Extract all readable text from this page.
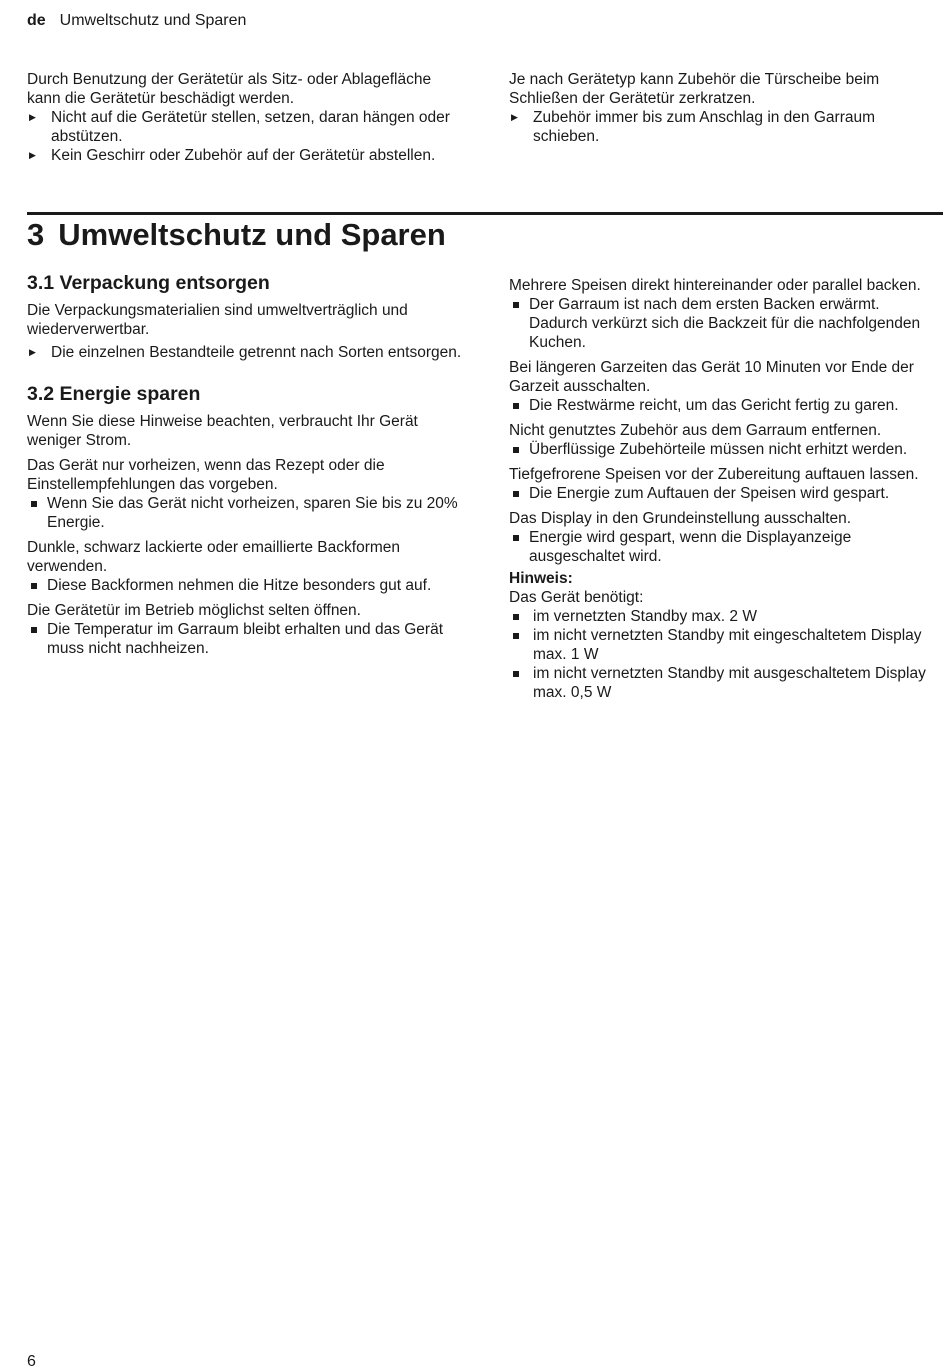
de Umweltschutz und Sparen

Durch Benutzung der Gerätetür als Sitz- oder Ablagefläche kann die Gerätetür beschädigt werden.

▶ Nicht auf die Gerätetür stellen, setzen, daran hängen oder abstützen.
▶ Kein Geschirr oder Zubehör auf der Gerätetür abstellen.

Je nach Gerätetyp kann Zubehör die Türscheibe beim Schließen der Gerätetür zerkratzen.

▶ Zubehör immer bis zum Anschlag in den Garraum schieben.
3 Umweltschutz und Sparen
3.1 Verpackung entsorgen

Die Verpackungsmaterialien sind umweltverträglich und wiederverwertbar.

▶ Die einzelnen Bestandteile getrennt nach Sorten entsorgen.
3.2 Energie sparen

Wenn Sie diese Hinweise beachten, verbraucht Ihr Gerät weniger Strom.

Das Gerät nur vorheizen, wenn das Rezept oder die Einstellempfehlungen das vorgeben.

Wenn Sie das Gerät nicht vorheizen, sparen Sie bis zu 20% Energie.

Dunkle, schwarz lackierte oder emaillierte Backformen verwenden.

Diese Backformen nehmen die Hitze besonders gut auf.

Die Gerätetür im Betrieb möglichst selten öffnen.

Die Temperatur im Garraum bleibt erhalten und das Gerät muss nicht nachheizen.

Mehrere Speisen direkt hintereinander oder parallel backen.

Der Garraum ist nach dem ersten Backen erwärmt. Dadurch verkürzt sich die Backzeit für die nachfolgenden Kuchen.

Bei längeren Garzeiten das Gerät 10 Minuten vor Ende der Garzeit ausschalten.

Die Restwärme reicht, um das Gericht fertig zu garen.

Nicht genutztes Zubehör aus dem Garraum entfernen.

Überflüssige Zubehörteile müssen nicht erhitzt werden.

Tiefgefrorene Speisen vor der Zubereitung auftauen lassen.

Die Energie zum Auftauen der Speisen wird gespart.

Das Display in den Grundeinstellung ausschalten.

Energie wird gespart, wenn die Displayanzeige ausgeschaltet wird.

Hinweis:

Das Gerät benötigt:

im vernetzten Standby max. 2 W
im nicht vernetzten Standby mit eingeschaltetem Display max. 1 W
im nicht vernetzten Standby mit ausgeschaltetem Display max. 0,5 W
6
